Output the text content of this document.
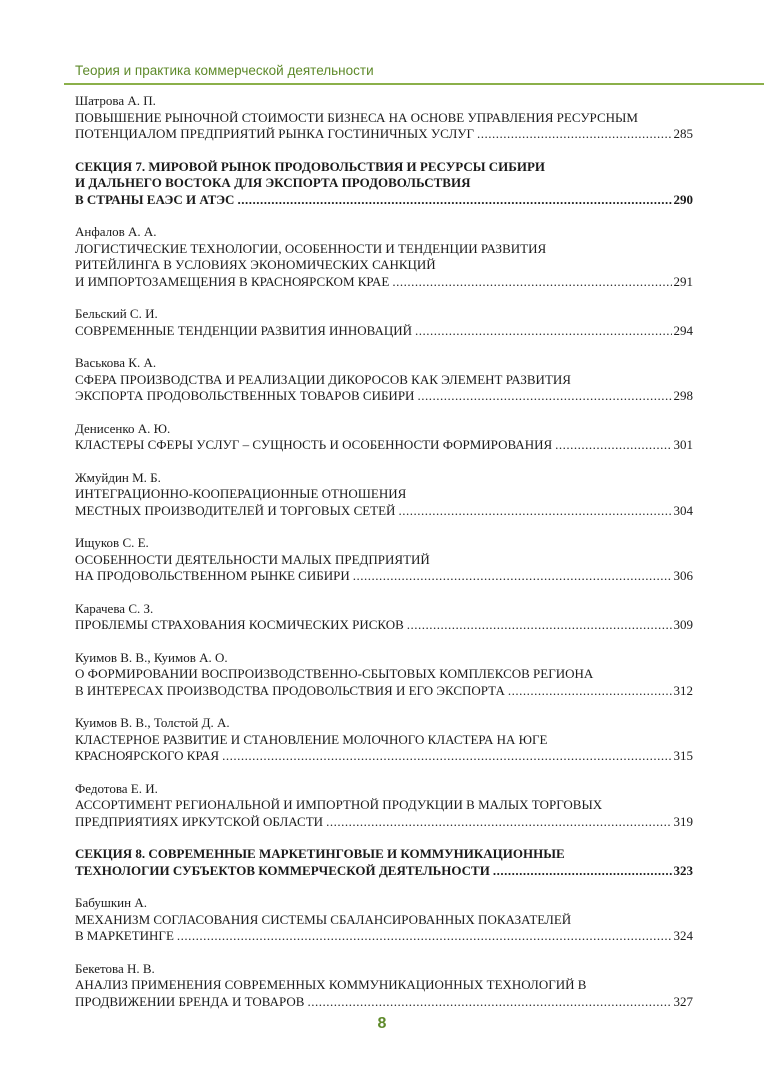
Теория и практика коммерческой деятельности

Шатрова А. П.

ПОВЫШЕНИЕ РЫНОЧНОЙ СТОИМОСТИ БИЗНЕСА НА ОСНОВЕ УПРАВЛЕНИЯ РЕСУРСНЫМ

ПОТЕНЦИАЛОМ ПРЕДПРИЯТИЙ РЫНКА ГОСТИНИЧНЫХ УСЛУГ .....	285

СЕКЦИЯ 7. МИРОВОЙ РЫНОК ПРОДОВОЛЬСТВИЯ И РЕСУРСЫ СИБИРИ

И ДАЛЬНЕГО ВОСТОКА ДЛЯ ЭКСПОРТА ПРОДОВОЛЬСТВИЯ

В СТРАНЫ ЕАЭС И АТЭС .....	290

Анфалов А. А.

ЛОГИСТИЧЕСКИЕ ТЕХНОЛОГИИ, ОСОБЕННОСТИ И ТЕНДЕНЦИИ РАЗВИТИЯ

РИТЕЙЛИНГА В УСЛОВИЯХ ЭКОНОМИЧЕСКИХ САНКЦИЙ

И ИМПОРТОЗАМЕЩЕНИЯ В КРАСНОЯРСКОМ КРАЕ .....	291

Бельский С. И.

СОВРЕМЕННЫЕ ТЕНДЕНЦИИ РАЗВИТИЯ ИННОВАЦИЙ .....	294

Васькова К. А.

СФЕРА ПРОИЗВОДСТВА И РЕАЛИЗАЦИИ ДИКОРОСОВ КАК ЭЛЕМЕНТ РАЗВИТИЯ

ЭКСПОРТА ПРОДОВОЛЬСТВЕННЫХ ТОВАРОВ СИБИРИ .....	298

Денисенко А. Ю.

КЛАСТЕРЫ СФЕРЫ УСЛУГ – СУЩНОСТЬ И ОСОБЕННОСТИ ФОРМИРОВАНИЯ .....	301

Жмуйдин М. Б.

ИНТЕГРАЦИОННО-КООПЕРАЦИОННЫЕ ОТНОШЕНИЯ

МЕСТНЫХ ПРОИЗВОДИТЕЛЕЙ И ТОРГОВЫХ СЕТЕЙ .....	304

Ищуков С. Е.

ОСОБЕННОСТИ ДЕЯТЕЛЬНОСТИ МАЛЫХ ПРЕДПРИЯТИЙ

НА ПРОДОВОЛЬСТВЕННОМ РЫНКЕ СИБИРИ .....	306

Карачева С. З.

ПРОБЛЕМЫ СТРАХОВАНИЯ КОСМИЧЕСКИХ РИСКОВ .....	309

Куимов В. В., Куимов А. О.

О ФОРМИРОВАНИИ ВОСПРОИЗВОДСТВЕННО-СБЫТОВЫХ КОМПЛЕКСОВ РЕГИОНА

В ИНТЕРЕСАХ ПРОИЗВОДСТВА ПРОДОВОЛЬСТВИЯ И ЕГО ЭКСПОРТА .....	312

Куимов В. В., Толстой Д. А.

КЛАСТЕРНОЕ РАЗВИТИЕ И СТАНОВЛЕНИЕ МОЛОЧНОГО КЛАСТЕРА НА ЮГЕ

КРАСНОЯРСКОГО КРАЯ .....	315

Федотова Е. И.

АССОРТИМЕНТ РЕГИОНАЛЬНОЙ И ИМПОРТНОЙ ПРОДУКЦИИ В МАЛЫХ ТОРГОВЫХ

ПРЕДПРИЯТИЯХ ИРКУТСКОЙ ОБЛАСТИ .....	319

СЕКЦИЯ 8. СОВРЕМЕННЫЕ МАРКЕТИНГОВЫЕ И КОММУНИКАЦИОННЫЕ

ТЕХНОЛОГИИ СУБЪЕКТОВ КОММЕРЧЕСКОЙ ДЕЯТЕЛЬНОСТИ .....	323

Бабушкин А.

МЕХАНИЗМ СОГЛАСОВАНИЯ СИСТЕМЫ СБАЛАНСИРОВАННЫХ ПОКАЗАТЕЛЕЙ

В МАРКЕТИНГЕ .....	324

Бекетова Н. В.

АНАЛИЗ ПРИМЕНЕНИЯ СОВРЕМЕННЫХ КОММУНИКАЦИОННЫХ ТЕХНОЛОГИЙ В

ПРОДВИЖЕНИИ БРЕНДА И ТОВАРОВ .....	327

8
